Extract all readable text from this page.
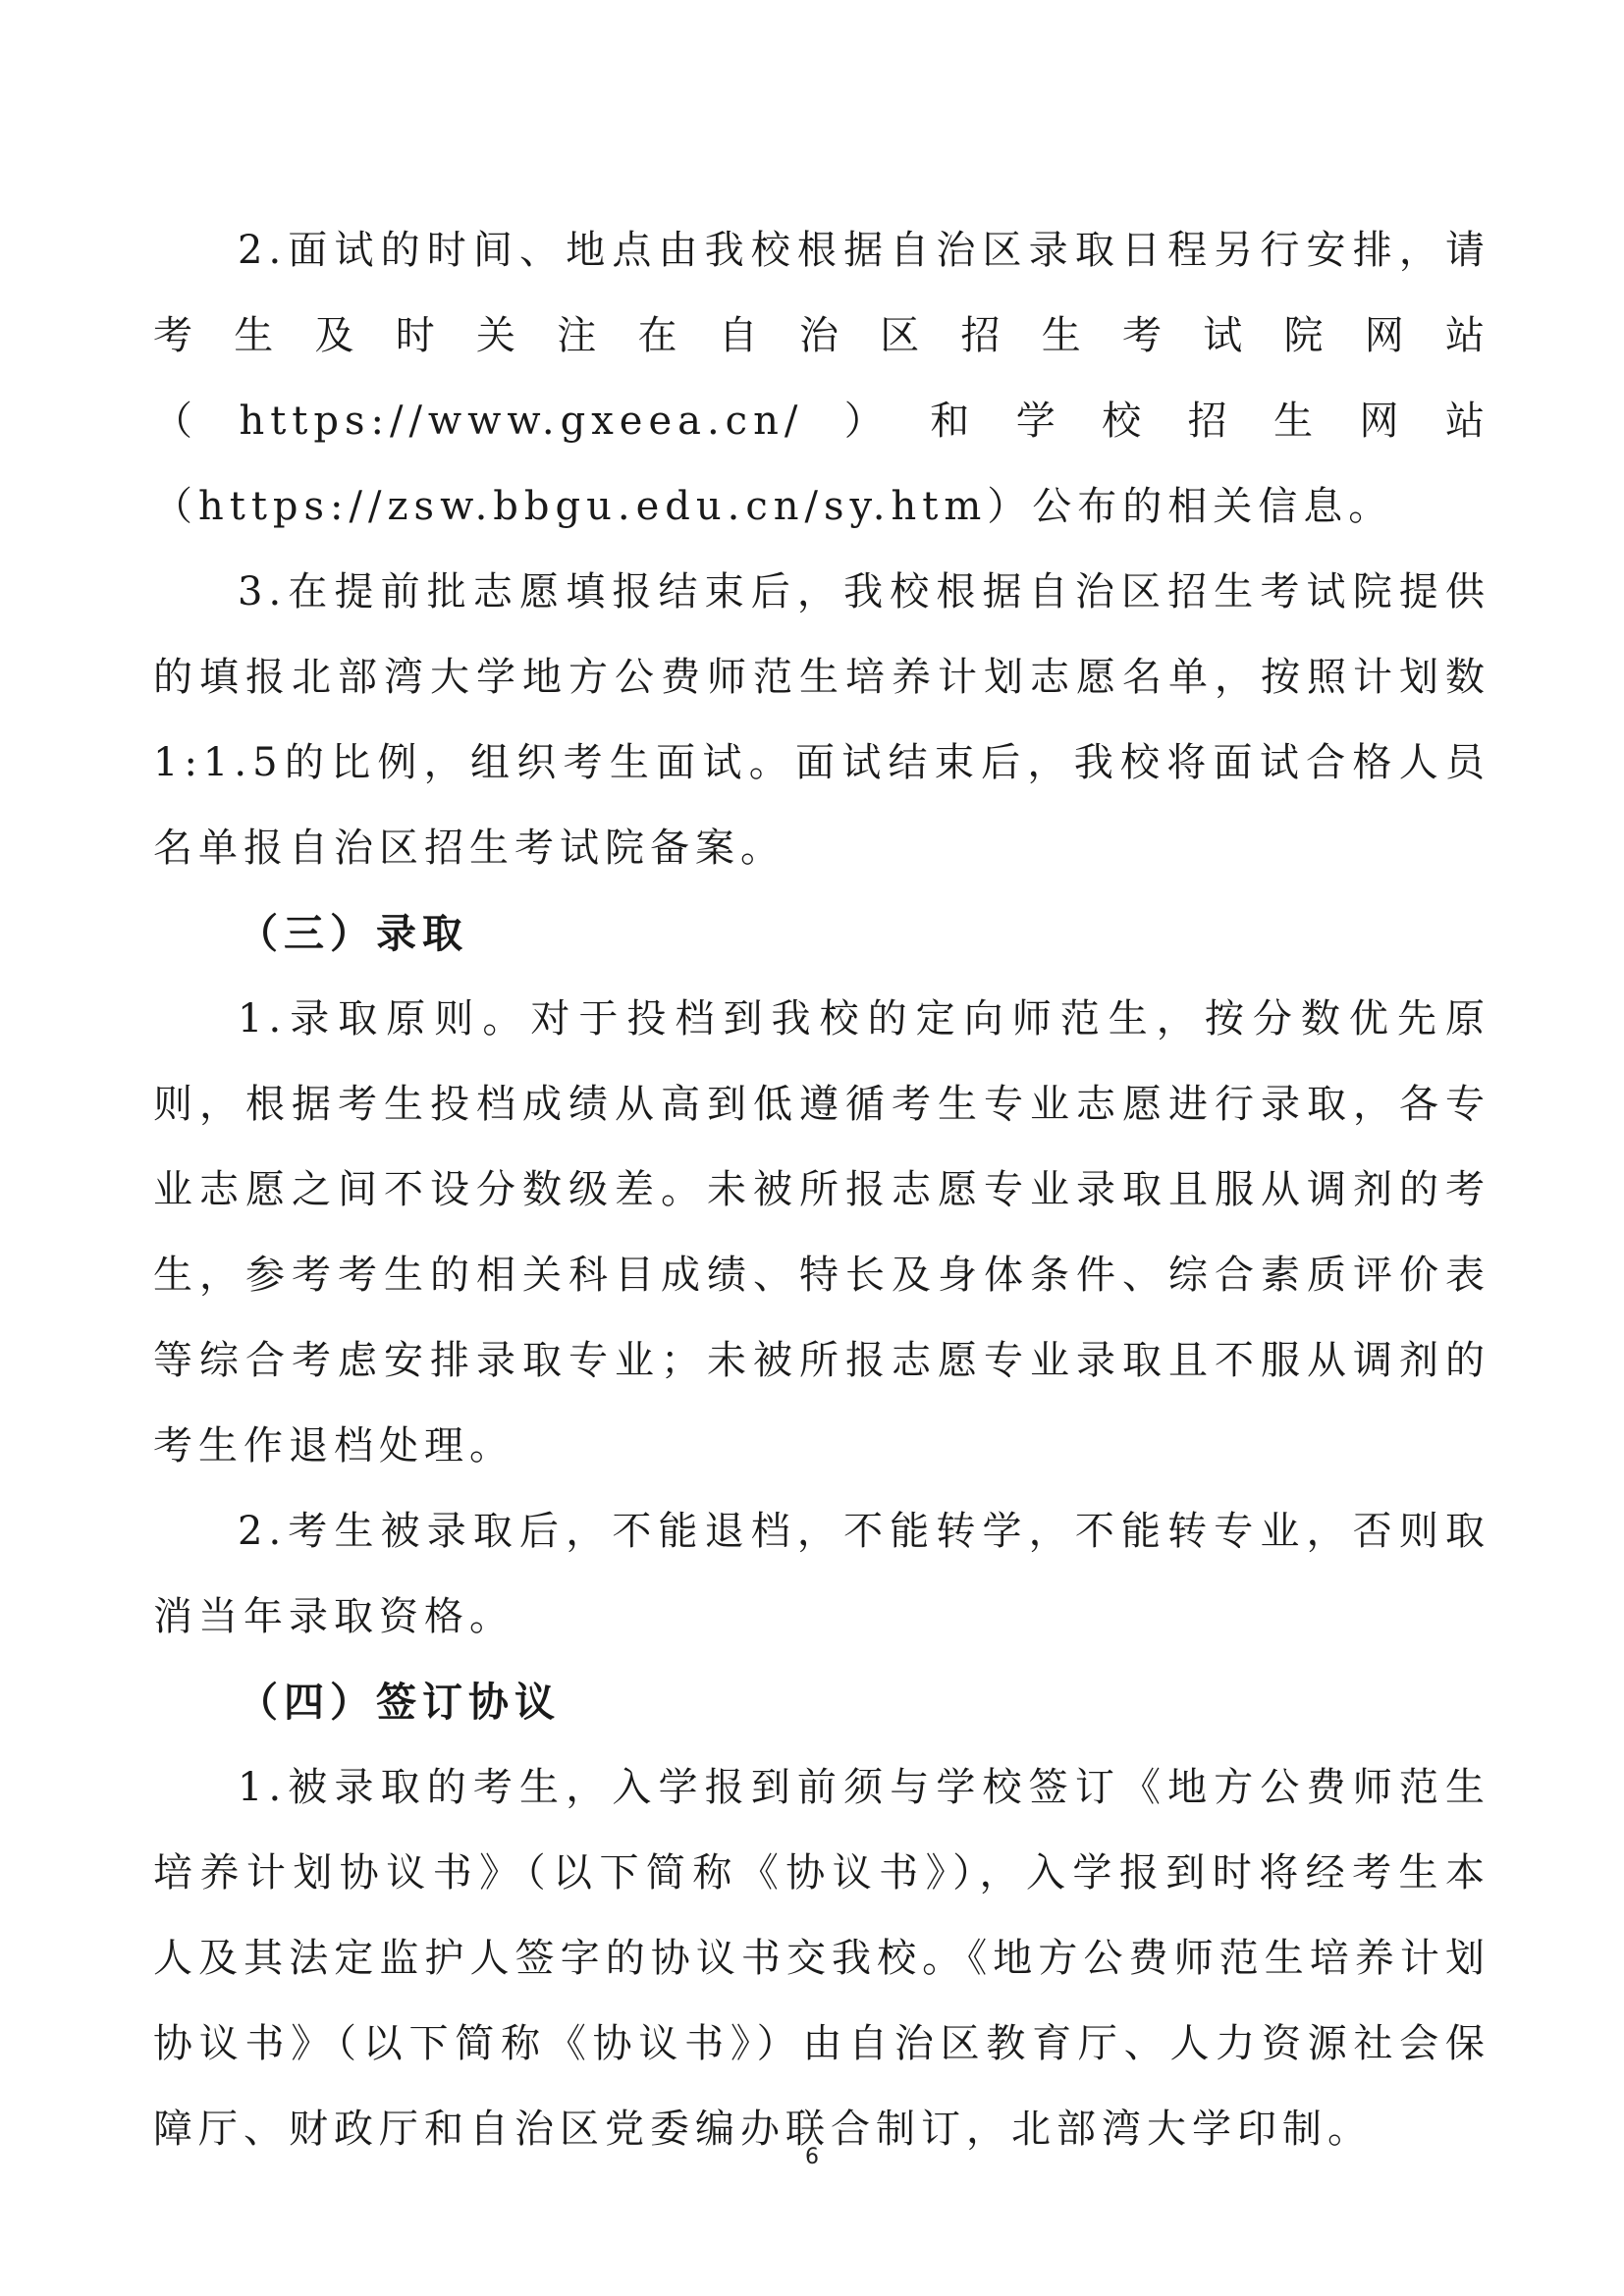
2.面试的时间、地点由我校根据自治区录取日程另行安排，请考生及时关注在自治区招生考试院网站（https://www.gxeea.cn/）和学校招生网站（https://zsw.bbgu.edu.cn/sy.htm）公布的相关信息。

3.在提前批志愿填报结束后，我校根据自治区招生考试院提供的填报北部湾大学地方公费师范生培养计划志愿名单，按照计划数1:1.5的比例，组织考生面试。面试结束后，我校将面试合格人员名单报自治区招生考试院备案。

（三）录取

1.录取原则。对于投档到我校的定向师范生，按分数优先原则，根据考生投档成绩从高到低遵循考生专业志愿进行录取，各专业志愿之间不设分数级差。未被所报志愿专业录取且服从调剂的考生，参考考生的相关科目成绩、特长及身体条件、综合素质评价表等综合考虑安排录取专业；未被所报志愿专业录取且不服从调剂的考生作退档处理。

2.考生被录取后，不能退档，不能转学，不能转专业，否则取消当年录取资格。

（四）签订协议

1.被录取的考生，入学报到前须与学校签订《地方公费师范生培养计划协议书》（以下简称《协议书》），入学报到时将经考生本人及其法定监护人签字的协议书交我校。《地方公费师范生培养计划协议书》（以下简称《协议书》）由自治区教育厅、人力资源社会保障厅、财政厅和自治区党委编办联合制订，北部湾大学印制。

6
